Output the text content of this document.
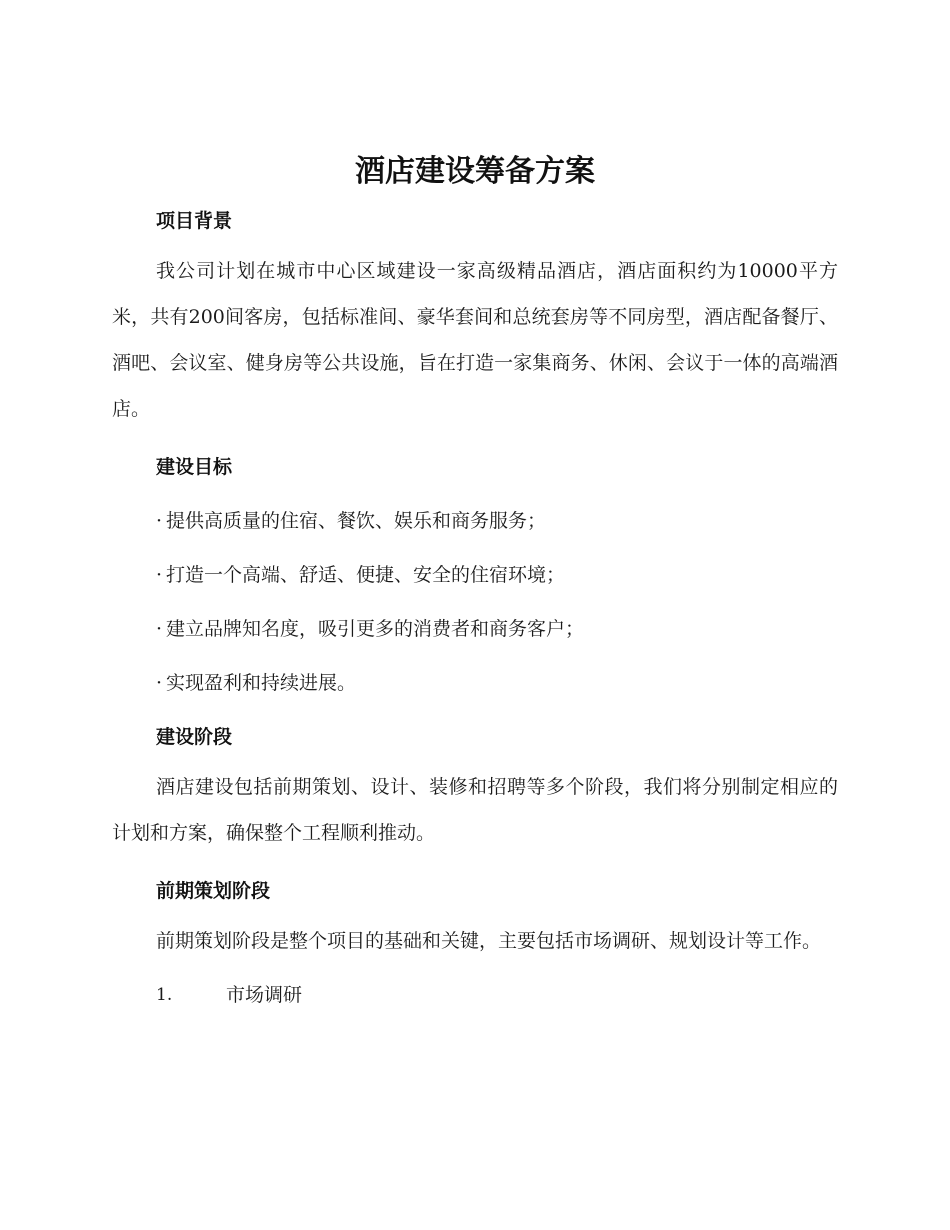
酒店建设筹备方案
项目背景

我公司计划在城市中心区域建设一家高级精品酒店，酒店面积约为10000平方米，共有200间客房，包括标准间、豪华套间和总统套房等不同房型，酒店配备餐厅、酒吧、会议室、健身房等公共设施，旨在打造一家集商务、休闲、会议于一体的高端酒店。

建设目标

· 提供高质量的住宿、餐饮、娱乐和商务服务；

· 打造一个高端、舒适、便捷、安全的住宿环境；

· 建立品牌知名度，吸引更多的消费者和商务客户；

· 实现盈利和持续进展。

建设阶段

酒店建设包括前期策划、设计、装修和招聘等多个阶段，我们将分别制定相应的计划和方案，确保整个工程顺利推动。

前期策划阶段

前期策划阶段是整个项目的基础和关键，主要包括市场调研、规划设计等工作。

1.	市场调研
